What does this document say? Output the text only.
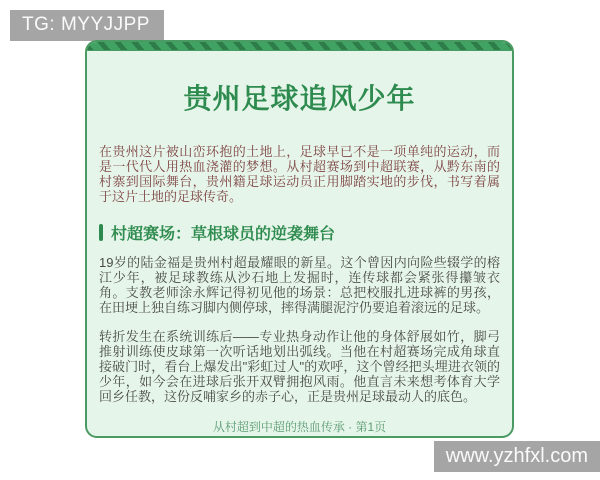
TG: MYYJJPP
贵州足球追风少年

在贵州这片被山峦环抱的土地上，足球早已不是一项单纯的运动，而是一代代人用热血浇灌的梦想。从村超赛场到中超联赛，从黔东南的村寨到国际舞台，贵州籍足球运动员正用脚踏实地的步伐，书写着属于这片土地的足球传奇。

村超赛场：草根球员的逆袭舞台

19岁的陆金福是贵州村超最耀眼的新星。这个曾因内向险些辍学的榕江少年，被足球教练从沙石地上发掘时，连传球都会紧张得攥皱衣角。支教老师涂永辉记得初见他的场景：总把校服扎进球裤的男孩，在田埂上独自练习脚内侧停球，摔得满腿泥泞仍要追着滚远的足球。

转折发生在系统训练后——专业热身动作让他的身体舒展如竹，脚弓推射训练使皮球第一次听话地划出弧线。当他在村超赛场完成角球直接破门时，看台上爆发出"彩虹过人"的欢呼，这个曾经把头埋进衣领的少年，如今会在进球后张开双臂拥抱风雨。他直言未来想考体育大学回乡任教，这份反哺家乡的赤子心，正是贵州足球最动人的底色。

从村超到中超的热血传承 · 第1页
www.yzhfxl.com
